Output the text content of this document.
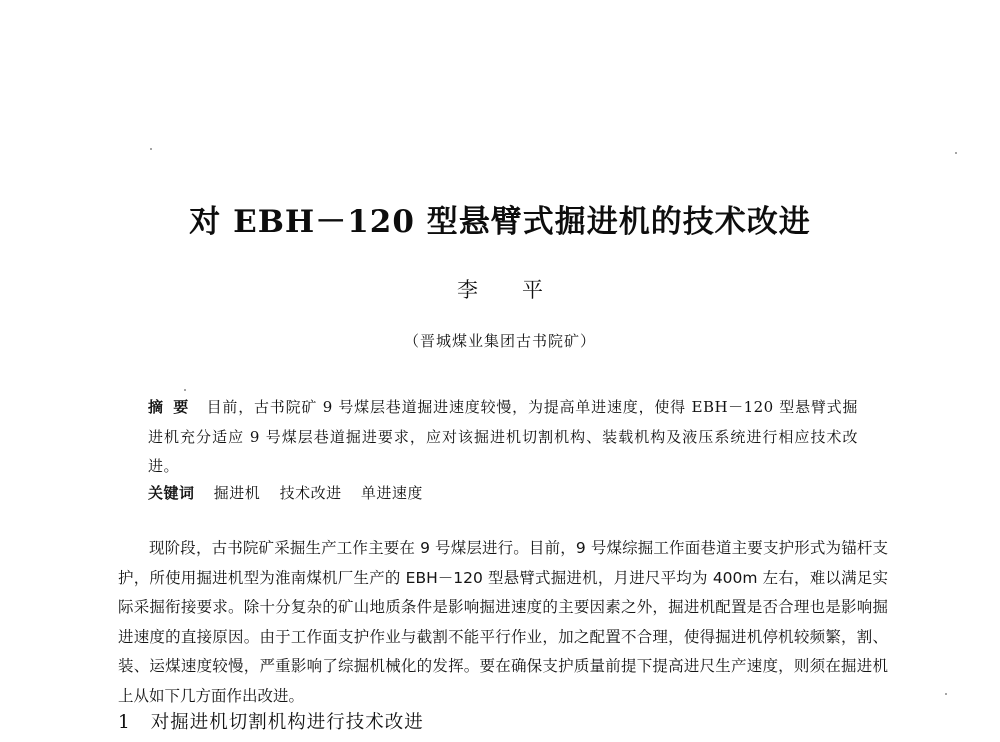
对 EBH－120 型悬臂式掘进机的技术改进
李平
（晋城煤业集团古书院矿）
摘要 目前，古书院矿 9 号煤层巷道掘进速度较慢，为提高单进速度，使得 EBH－120 型悬臂式掘进机充分适应 9 号煤层巷道掘进要求，应对该掘进机切割机构、装载机构及液压系统进行相应技术改进。
关键词 掘进机 技术改进 单进速度
现阶段，古书院矿采掘生产工作主要在 9 号煤层进行。目前，9 号煤综掘工作面巷道主要支护形式为锚杆支护，所使用掘进机型为淮南煤机厂生产的 EBH－120 型悬臂式掘进机，月进尺平均为 400m 左右，难以满足实际采掘衔接要求。除十分复杂的矿山地质条件是影响掘进速度的主要因素之外，掘进机配置是否合理也是影响掘进速度的直接原因。由于工作面支护作业与截割不能平行作业，加之配置不合理，使得掘进机停机较频繁，割、装、运煤速度较慢，严重影响了综掘机械化的发挥。要在确保支护质量前提下提高进尺生产速度，则须在掘进机上从如下几方面作出改进。
1 对掘进机切割机构进行技术改进
